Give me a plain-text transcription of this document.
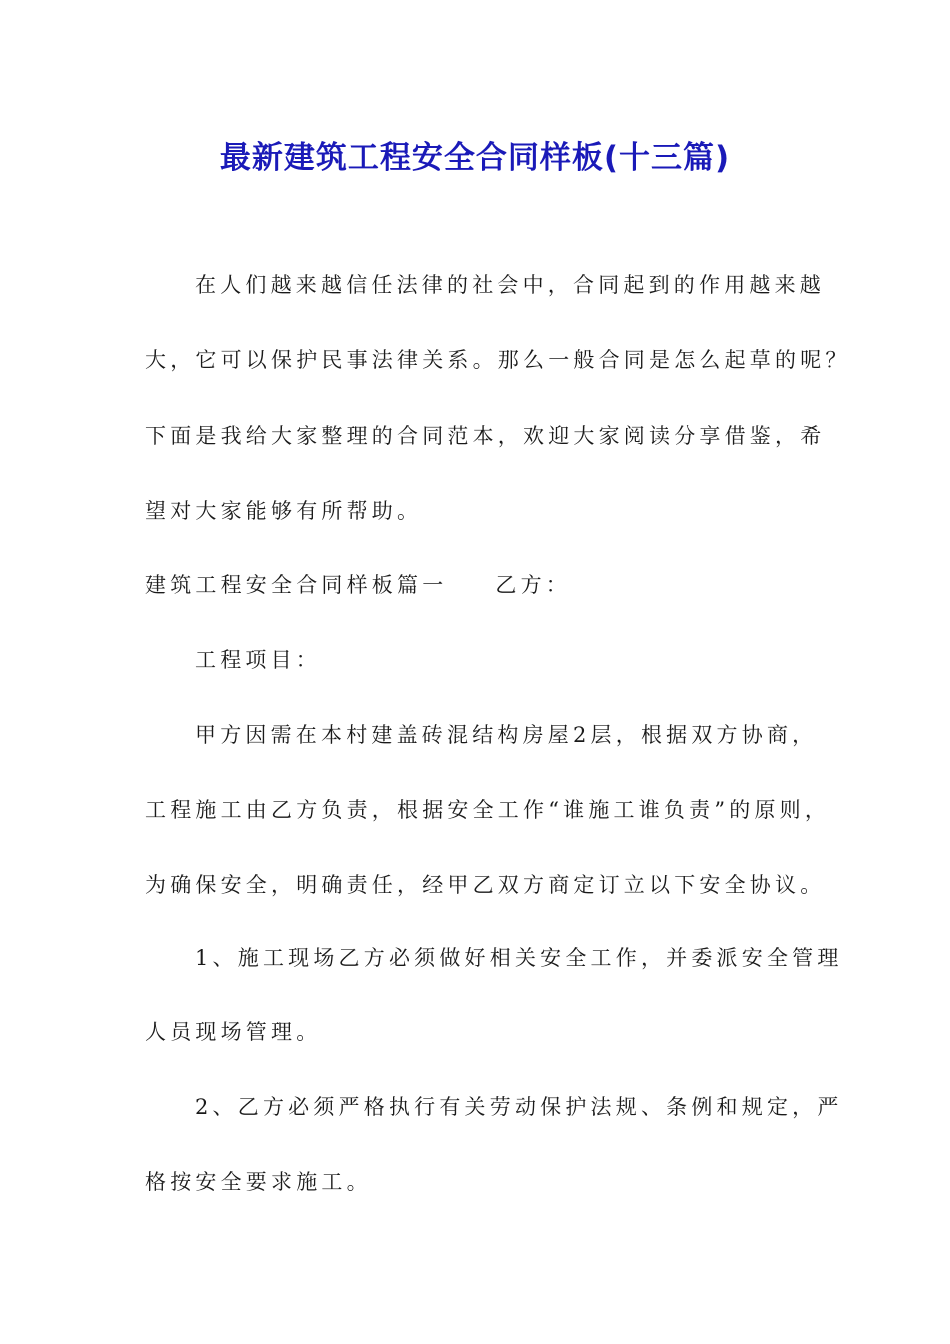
最新建筑工程安全合同样板(十三篇)
在人们越来越信任法律的社会中，合同起到的作用越来越
大，它可以保护民事法律关系。那么一般合同是怎么起草的呢？
下面是我给大家整理的合同范本，欢迎大家阅读分享借鉴，希
望对大家能够有所帮助。
建筑工程安全合同样板篇一 乙方：
工程项目：
甲方因需在本村建盖砖混结构房屋2层，根据双方协商，
工程施工由乙方负责，根据安全工作“谁施工谁负责”的原则，
为确保安全，明确责任，经甲乙双方商定订立以下安全协议。
1、施工现场乙方必须做好相关安全工作，并委派安全管理
人员现场管理。
2、乙方必须严格执行有关劳动保护法规、条例和规定，严
格按安全要求施工。
